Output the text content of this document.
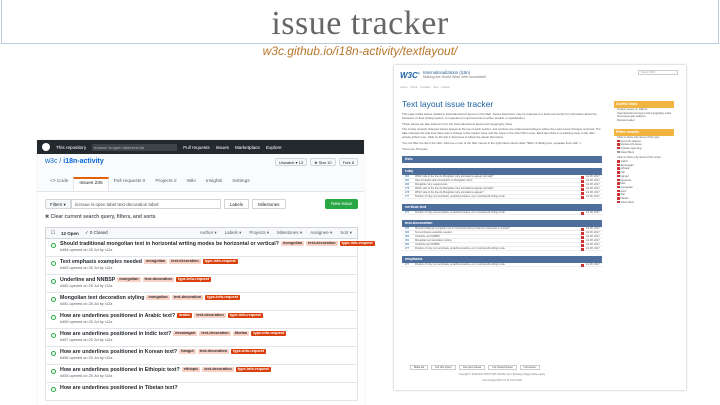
issue tracker
w3c.github.io/i18n-activity/textlayout/
This repository	is:issue is:open label:text-de	Pull requests Issues Marketplace Explore
w3c / i18n-activity	Unwatch ▾ 13	★ Star 10	Fork 6
<> Code	Issues 235	Pull requests 0	Projects 2	Wiki	Insights	Settings
Filters ▾	is:issue is:open label:text-decoration label:	Labels	Milestones	New issue
✖ Clear current search query, filters, and sorts
☐ 12 Open ✓ 0 Closed	Author ▾ Labels ▾ Projects ▾ Milestones ▾ Assignee ▾ Sort ▾
Should traditional mongolian text in horizontal writing modes be horizontal or vertical? mongolian text-decoration type-info-request
#484 opened on 28 Jul by r12a
Text emphasis examples needed mongolian text-decoration type-info-request
#483 opened on 28 Jul by r12a
Underline and NNBSP mongolian text-decoration type-info-request
#482 opened on 28 Jul by r12a
Mongolian text decoration styling mongolian text-decoration type-info-request
#481 opened on 28 Jul by r12a
How are underlines positioned in Arabic text? arabic text-decoration type-info-request
#459 opened on 25 Jul by r12a
How are underlines positioned in Indic text? devanagari text-decoration tibetan type-info-request
#457 opened on 25 Jul by r12a
How are underlines positioned in Korean text? hangul text-decoration type-info-request
#456 opened on 25 Jul by r12a
How are underlines positioned in Ethiopic text? ethiopic text-decoration type-info-request
#455 opened on 25 Jul by r12a
How are underlines positioned in Tibetan text?
W3C® Internationalization (i18n)
Making the World Wide Web worldwide!
Search W3C
Learn · Work · Contact · Join · Follow
Text layout issue tracker
This page tracks issues related to international text layout on the Web. Issues listed here may be requests to a local community for information about the behaviour of their writing system, or requests for improvements to either product or specification.
These issues are also linked to from the international text layout and typography index.
The mostly recently changed issues appear at the top of each section, and sections are ordered according to where the most recent changes occurred. The date indicates the last time there was a change to the tracker issue and the issue in the other WG's repo. Each item links to a tracking issue in the i18n-activity github repo. Click on the link in that issue to follow the actual discussion.
You can filter the list in the URL. Add one or two of the filter names in the right-hand column after ?filter= # adding two, separate them with '+'.
There are 15 issues.
lists
ruby
490	Which side of the line do Mongolian ruby annotations appear normally?	Jul 28, 2017
481	How to handle wide annotations in Mongolian ruby?	Jul 28, 2017
480	Mongolian ruby requirements	Jul 28, 2017
479	Which side of the line do Mongolian ruby annotations appear normally?	Jul 28, 2017
478	Which side of the line do Mongolian ruby annotations appear?	Jul 28, 2017
477	Position of ruby, text emphasis, underline/overline, etc in vertical-LR writing mode	Jul 28, 2017
vertical-text
477	Position of ruby, text emphasis, underline/overline, etc in vertical-LR writing mode	Jul 28, 2017
text-decoration
484	Should traditional mongolian text in horizontal writing modes be horizontal or vertical?	Jul 28, 2017
483	Text emphasis examples needed	Jul 28, 2017
482	Underline and NNBSP	Jul 28, 2017
481	Mongolian text decoration styling	Jul 28, 2017
480	Underline and NNBSP	Jul 28, 2017
477	Position of ruby, text emphasis, underline/overline, etc in vertical-LR writing mode	Jul 28, 2017
emphasis
477	Position of ruby, text emphasis, underline/overline, etc in vertical-LR writing mode	Jul 28, 2017
Useful links
Tracker issues on GitHub
International text layout and typography index
Text layout gap analysis
Review tracker
Filter results
Click to show only items of this type
type-info-request
blocker-info-issue
browser-type-bug
Clear filters
Click to show only items of this script
arabic
devanagari
ethiopic
han
hangul
japanese
latin
mongolian
tamil
thai
tibetan
Clear filters
Make list	List this repo's	List open issues	List closed issues	List issues
Copyright © 2016-2017 W3C® (MIT, ERCIM, Keio, Beihang) Usage policies apply.
Last changed 2017-07-31 13:01 GMT
